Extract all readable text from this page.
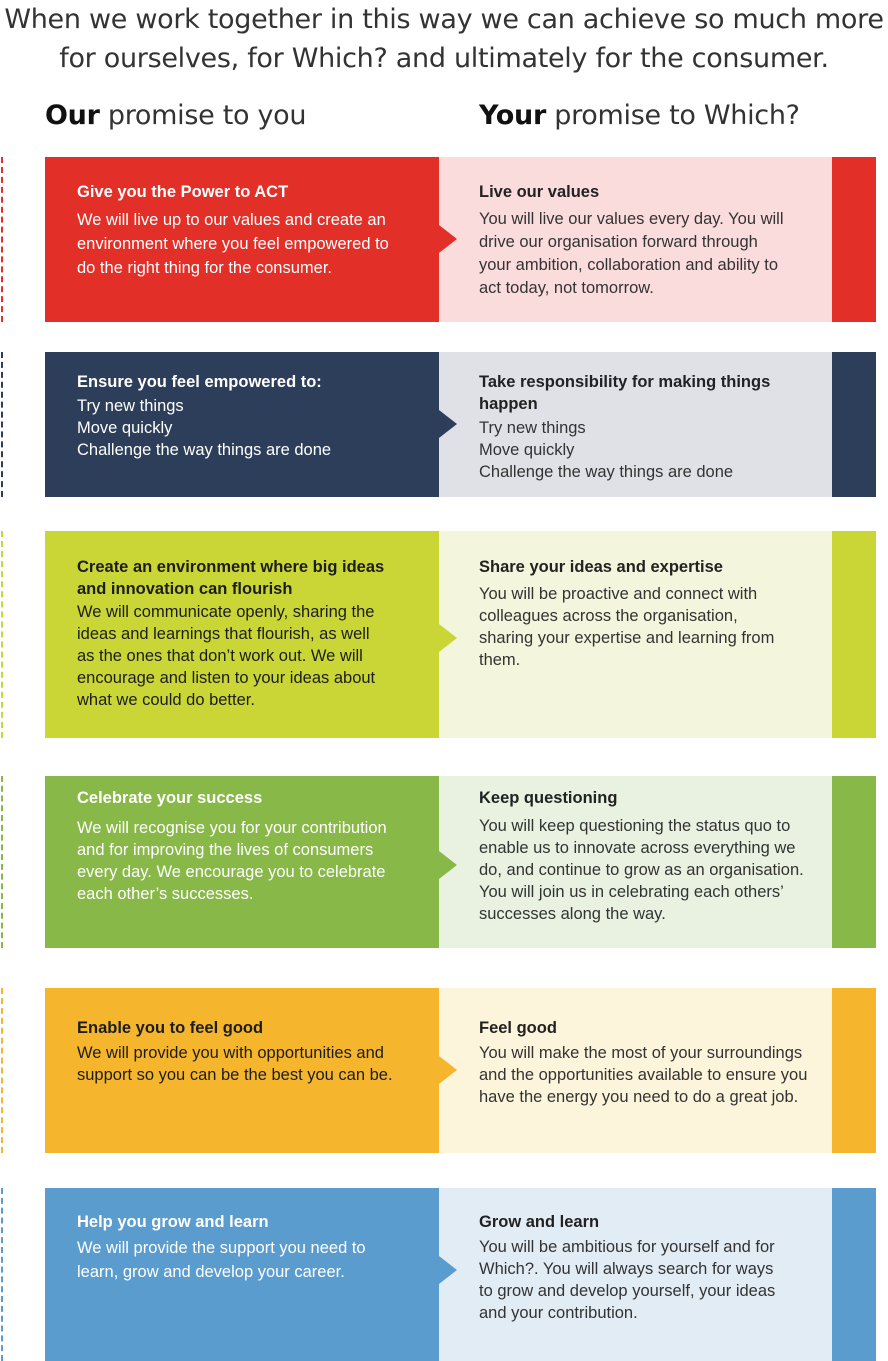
When we work together in this way we can achieve so much more
for ourselves, for Which? and ultimately for the consumer.
Our promise to you	Your promise to Which?

Give you the Power to ACT

We will live up to our values and create an

environment where you feel empowered to

do the right thing for the consumer.

Live our values

You will live our values every day. You will

drive our organisation forward through

your ambition, collaboration and ability to

act today, not tomorrow.

Ensure you feel empowered to:

Try new things

Move quickly

Challenge the way things are done

Take responsibility for making things

happen

Try new things

Move quickly

Challenge the way things are done

Create an environment where big ideas

and innovation can flourish

We will communicate openly, sharing the

ideas and learnings that flourish, as well

as the ones that don’t work out. We will

encourage and listen to your ideas about

what we could do better.

Share your ideas and expertise

You will be proactive and connect with

colleagues across the organisation,

sharing your expertise and learning from

them.

Celebrate your success

We will recognise you for your contribution

and for improving the lives of consumers

every day. We encourage you to celebrate

each other’s successes.

Keep questioning

You will keep questioning the status quo to

enable us to innovate across everything we

do, and continue to grow as an organisation.

You will join us in celebrating each others’

successes along the way.

Enable you to feel good

We will provide you with opportunities and

support so you can be the best you can be.

Feel good

You will make the most of your surroundings

and the opportunities available to ensure you

have the energy you need to do a great job.

Help you grow and learn

We will provide the support you need to

learn, grow and develop your career.

Grow and learn

You will be ambitious for yourself and for

Which?. You will always search for ways

to grow and develop yourself, your ideas

and your contribution.
